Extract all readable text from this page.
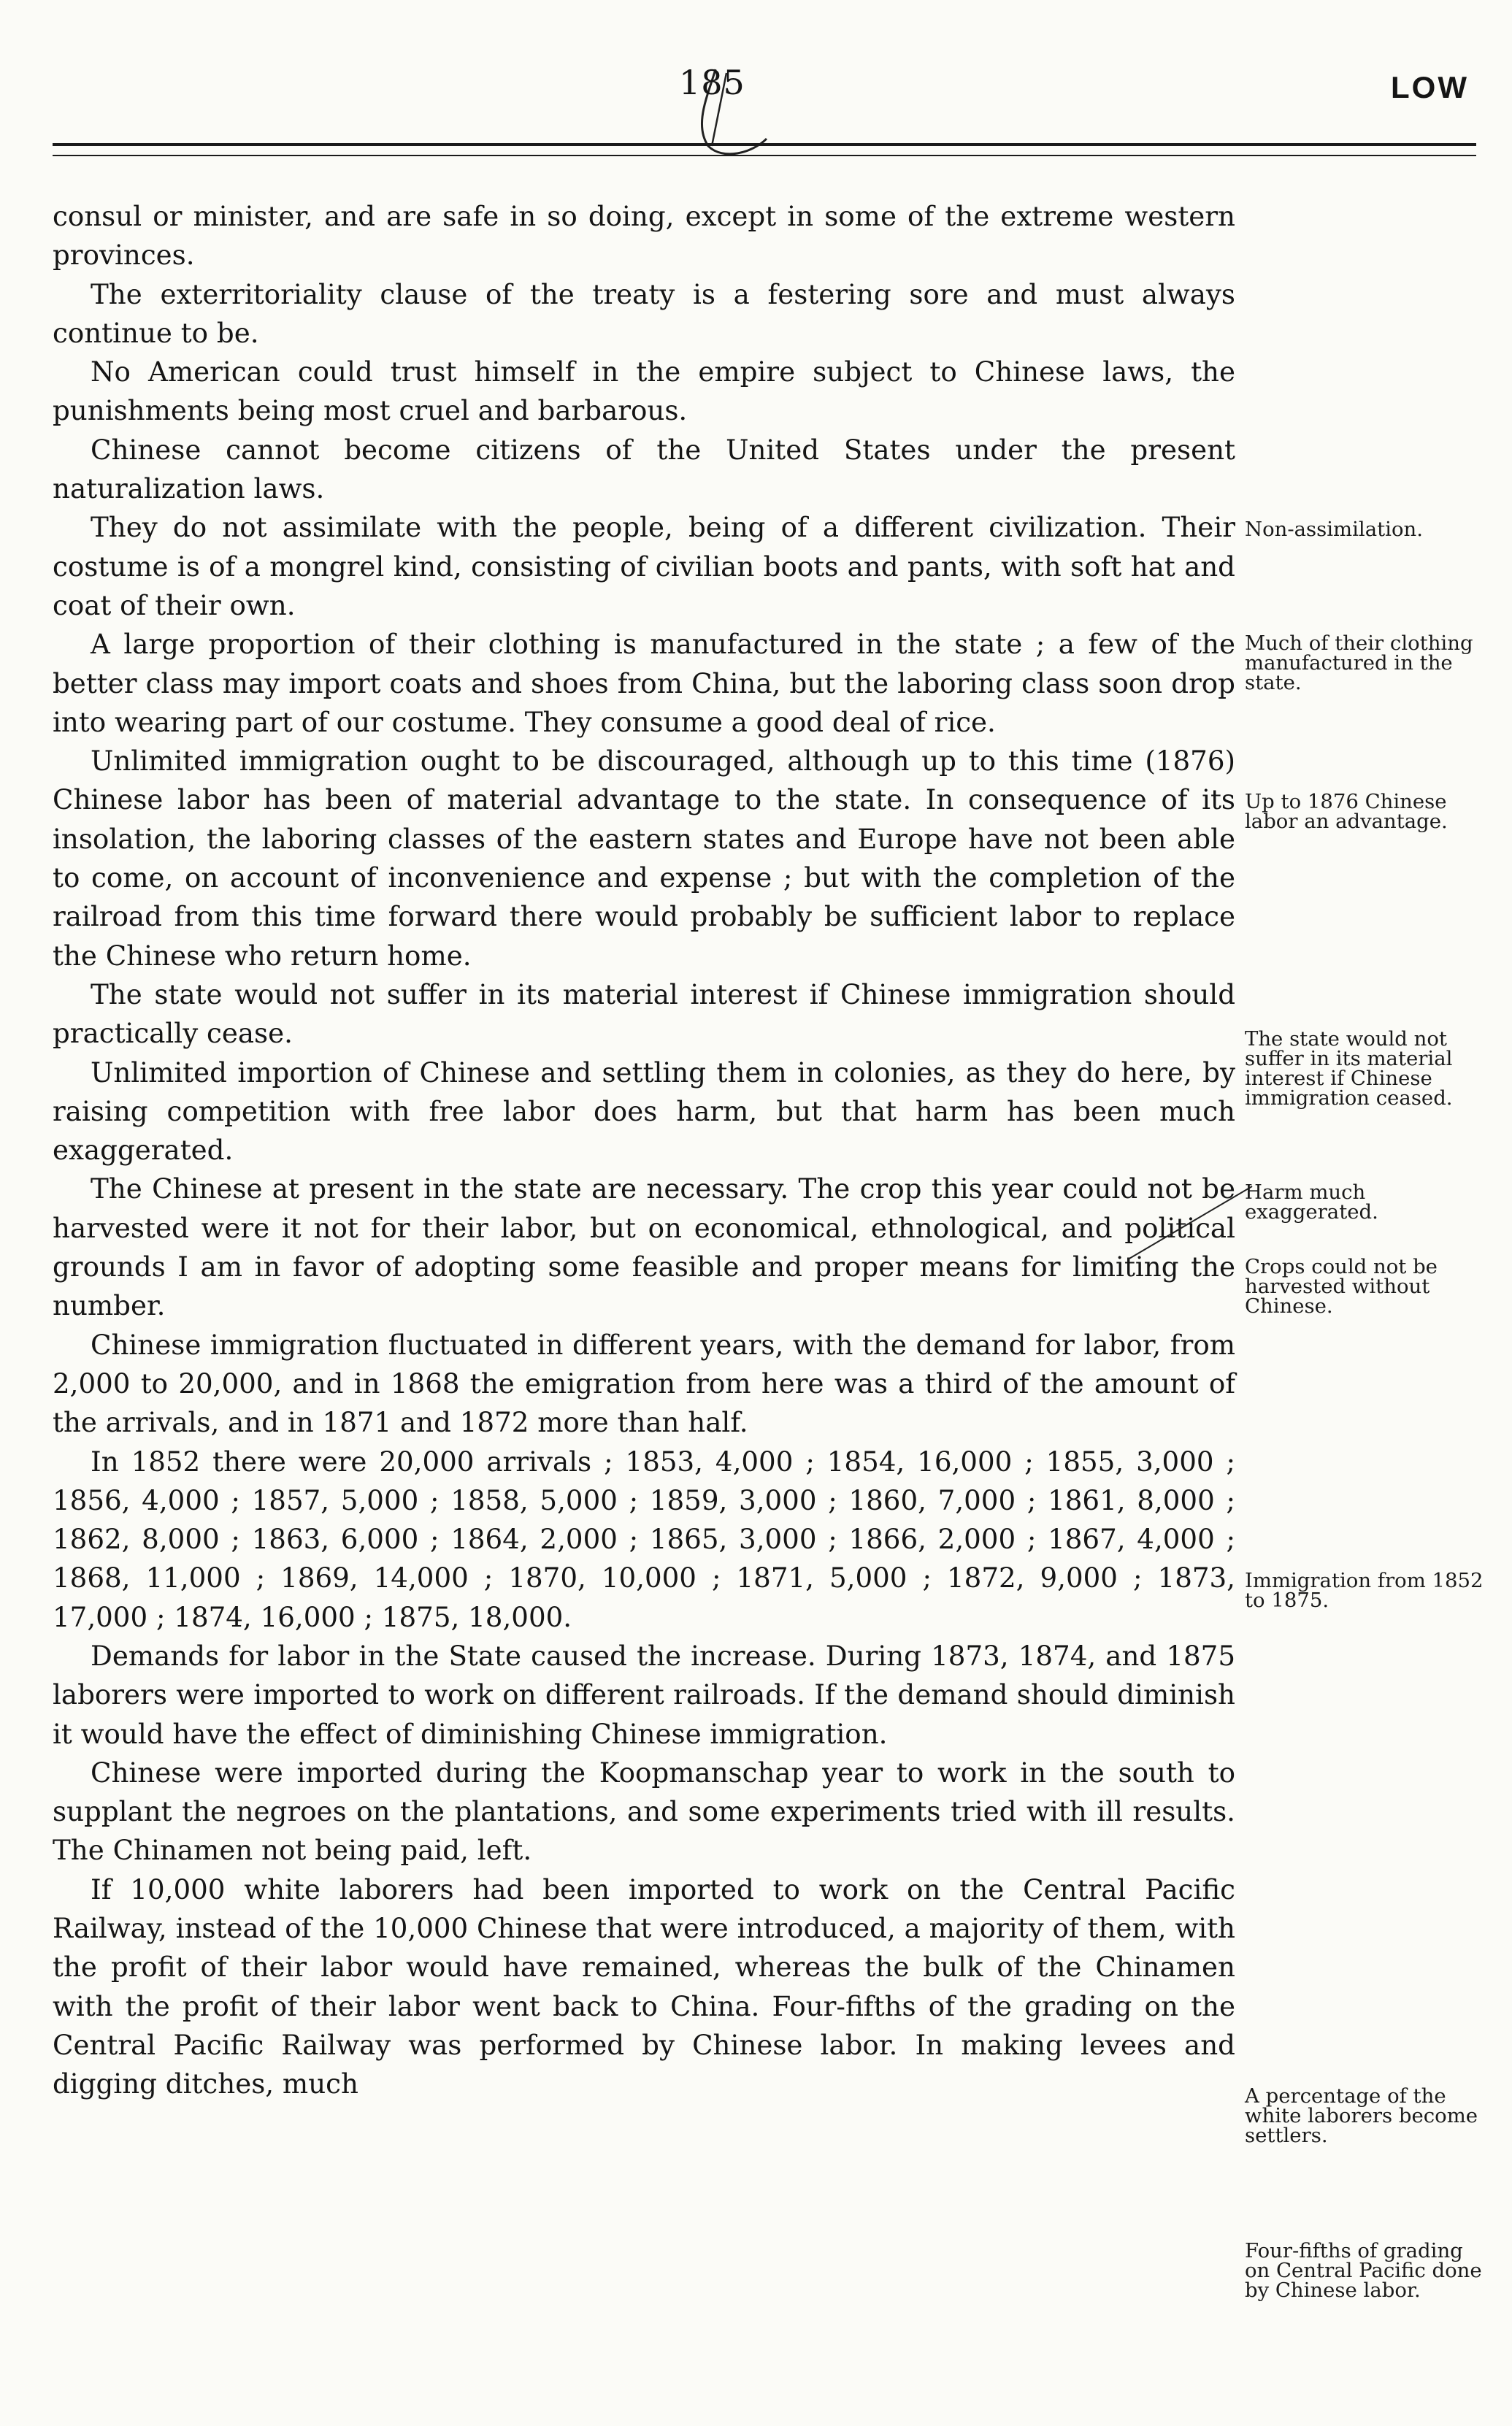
185	LOW

consul or minister, and are safe in so doing, except in some of the extreme western provinces.

The exterritoriality clause of the treaty is a festering sore and must always continue to be.

No American could trust himself in the empire subject to Chinese laws, the punishments being most cruel and barbarous.

Chinese cannot become citizens of the United States under the present naturalization laws.

They do not assimilate with the people, being of a different civilization. Their costume is of a mongrel kind, consisting of civilian boots and pants, with soft hat and coat of their own.

A large proportion of their clothing is manufactured in the state ; a few of the better class may import coats and shoes from China, but the laboring class soon drop into wearing part of our costume. They consume a good deal of rice.

Unlimited immigration ought to be discouraged, although up to this time (1876) Chinese labor has been of material advantage to the state. In consequence of its insolation, the laboring classes of the eastern states and Europe have not been able to come, on account of inconvenience and expense ; but with the completion of the railroad from this time forward there would probably be sufficient labor to replace the Chinese who return home.

The state would not suffer in its material interest if Chinese immigration should practically cease.

Unlimited importion of Chinese and settling them in colonies, as they do here, by raising competition with free labor does harm, but that harm has been much exaggerated.

The Chinese at present in the state are necessary. The crop this year could not be harvested were it not for their labor, but on economical, ethnological, and political grounds I am in favor of adopting some feasible and proper means for limiting the number.

Chinese immigration fluctuated in different years, with the demand for labor, from 2,000 to 20,000, and in 1868 the emigration from here was a third of the amount of the arrivals, and in 1871 and 1872 more than half.

In 1852 there were 20,000 arrivals ; 1853, 4,000 ; 1854, 16,000 ; 1855, 3,000 ; 1856, 4,000 ; 1857, 5,000 ; 1858, 5,000 ; 1859, 3,000 ; 1860, 7,000 ; 1861, 8,000 ; 1862, 8,000 ; 1863, 6,000 ; 1864, 2,000 ; 1865, 3,000 ; 1866, 2,000 ; 1867, 4,000 ; 1868, 11,000 ; 1869, 14,000 ; 1870, 10,000 ; 1871, 5,000 ; 1872, 9,000 ; 1873, 17,000 ; 1874, 16,000 ; 1875, 18,000.

Demands for labor in the State caused the increase. During 1873, 1874, and 1875 laborers were imported to work on different railroads. If the demand should diminish it would have the effect of diminishing Chinese immigration.

Chinese were imported during the Koopmanschap year to work in the south to supplant the negroes on the plantations, and some experiments tried with ill results. The Chinamen not being paid, left.

If 10,000 white laborers had been imported to work on the Central Pacific Railway, instead of the 10,000 Chinese that were introduced, a majority of them, with the profit of their labor would have remained, whereas the bulk of the Chinamen with the profit of their labor went back to China. Four-fifths of the grading on the Central Pacific Railway was performed by Chinese labor. In making levees and digging ditches, much

Non-assimilation.

Much of their clothing manufactured in the state.

Up to 1876 Chinese labor an advantage.

The state would not suffer in its material interest if Chinese immigration ceased.

Harm much exaggerated.

Crops could not be harvested without Chinese.

Immigration from 1852 to 1875.

A percentage of the white laborers become settlers.

Four-fifths of grading on Central Pacific done by Chinese labor.
